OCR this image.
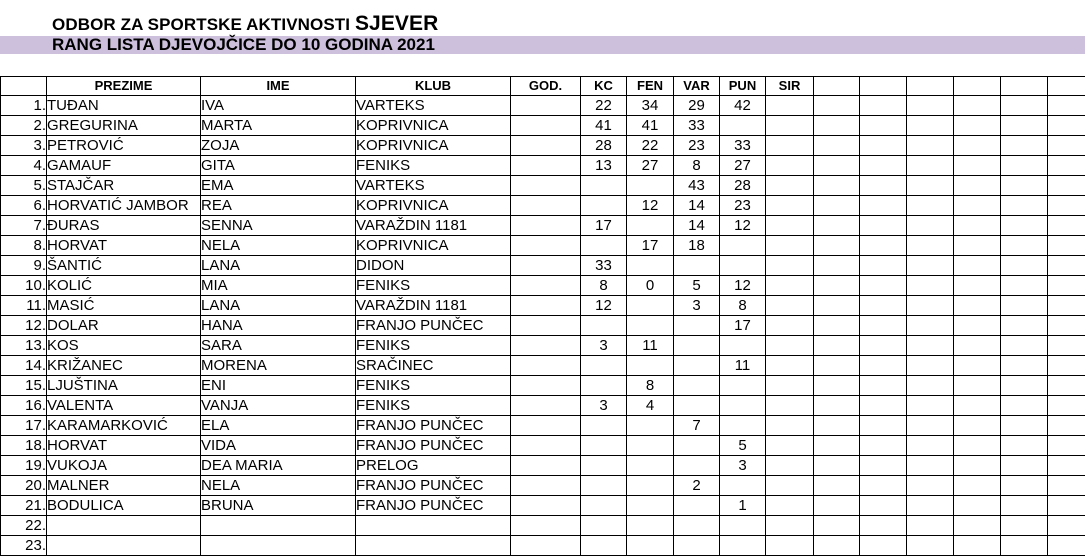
ODBOR ZA SPORTSKE AKTIVNOSTI SJEVER
RANG LISTA DJEVOJČICE DO 10 GODINA 2021
	PREZIME	IME	KLUB	GOD.	KC	FEN	VAR	PUN	SIR								
1.	TUĐAN	IVA	VARTEKS		22	34	29	42									
2.	GREGURINA	MARTA	KOPRIVNICA		41	41	33										
3.	PETROVIĆ	ZOJA	KOPRIVNICA		28	22	23	33									
4.	GAMAUF	GITA	FENIKS		13	27	8	27									
5.	STAJČAR	EMA	VARTEKS				43	28									
6.	HORVATIĆ JAMBOR	REA	KOPRIVNICA			12	14	23									
7.	ĐURAS	SENNA	VARAŽDIN 1181		17		14	12									
8.	HORVAT	NELA	KOPRIVNICA			17	18										
9.	ŠANTIĆ	LANA	DIDON		33												
10.	KOLIĆ	MIA	FENIKS		8	0	5	12									
11.	MASIĆ	LANA	VARAŽDIN 1181		12		3	8									
12.	DOLAR	HANA	FRANJO PUNČEC					17									
13.	KOS	SARA	FENIKS		3	11											
14.	KRIŽANEC	MORENA	SRAČINEC					11									
15.	LJUŠTINA	ENI	FENIKS			8											
16.	VALENTA	VANJA	FENIKS		3	4											
17.	KARAMARKOVIĆ	ELA	FRANJO PUNČEC				7										
18.	HORVAT	VIDA	FRANJO PUNČEC					5									
19.	VUKOJA	DEA MARIA	PRELOG					3									
20.	MALNER	NELA	FRANJO PUNČEC				2										
21.	BODULICA	BRUNA	FRANJO PUNČEC					1									
22.																	
23.																	
